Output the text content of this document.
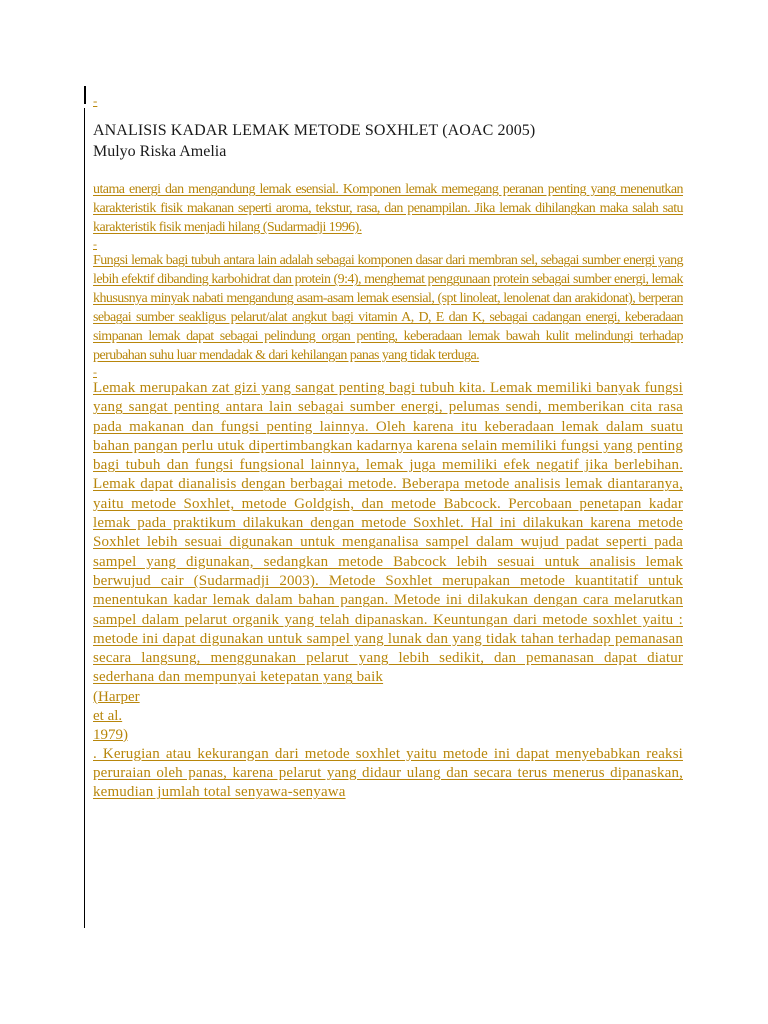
-
ANALISIS KADAR LEMAK METODE SOXHLET (AOAC 2005)
Mulyo Riska Amelia
utama energi dan mengandung lemak esensial. Komponen lemak memegang peranan penting yang menenutkan karakteristik fisik makanan seperti aroma, tekstur, rasa, dan penampilan. Jika lemak dihilangkan maka salah satu karakteristik fisik menjadi hilang (Sudarmadji 1996).
-
Fungsi lemak bagi tubuh antara lain adalah sebagai komponen dasar dari membran sel, sebagai sumber energi yang lebih efektif dibanding karbohidrat dan protein (9:4), menghemat penggunaan protein sebagai sumber energi, lemak khususnya minyak nabati mengandung asam-asam lemak esensial, (spt linoleat, lenolenat dan arakidonat), berperan sebagai sumber seakligus pelarut/alat angkut bagi vitamin A, D, E dan K, sebagai cadangan energi, keberadaan simpanan lemak dapat sebagai pelindung organ penting, keberadaan lemak bawah kulit melindungi terhadap perubahan suhu luar mendadak & dari kehilangan panas yang tidak terduga.
-
Lemak merupakan zat gizi yang sangat penting bagi tubuh kita. Lemak memiliki banyak fungsi yang sangat penting antara lain sebagai sumber energi, pelumas sendi, memberikan cita rasa pada makanan dan fungsi penting lainnya. Oleh karena itu keberadaan lemak dalam suatu bahan pangan perlu utuk dipertimbangkan kadarnya karena selain memiliki fungsi yang penting bagi tubuh dan fungsi fungsional lainnya, lemak juga memiliki efek negatif jika berlebihan. Lemak dapat dianalisis dengan berbagai metode. Beberapa metode analisis lemak diantaranya, yaitu metode Soxhlet, metode Goldgish, dan metode Babcock. Percobaan penetapan kadar lemak pada praktikum dilakukan dengan metode Soxhlet. Hal ini dilakukan karena metode Soxhlet lebih sesuai digunakan untuk menganalisa sampel dalam wujud padat seperti pada sampel yang digunakan, sedangkan metode Babcock lebih sesuai untuk analisis lemak berwujud cair (Sudarmadji 2003). Metode Soxhlet merupakan metode kuantitatif untuk menentukan kadar lemak dalam bahan pangan. Metode ini dilakukan dengan cara melarutkan sampel dalam pelarut organik yang telah dipanaskan. Keuntungan dari metode soxhlet yaitu : metode ini dapat digunakan untuk sampel yang lunak dan yang tidak tahan terhadap pemanasan secara langsung, menggunakan pelarut yang lebih sedikit, dan pemanasan dapat diatur sederhana dan mempunyai ketepatan yang baik
(Harper
et al.
1979)
. Kerugian atau kekurangan dari metode soxhlet yaitu metode ini dapat menyebabkan reaksi peruraian oleh panas, karena pelarut yang didaur ulang dan secara terus menerus dipanaskan, kemudian jumlah total senyawa-senyawa
